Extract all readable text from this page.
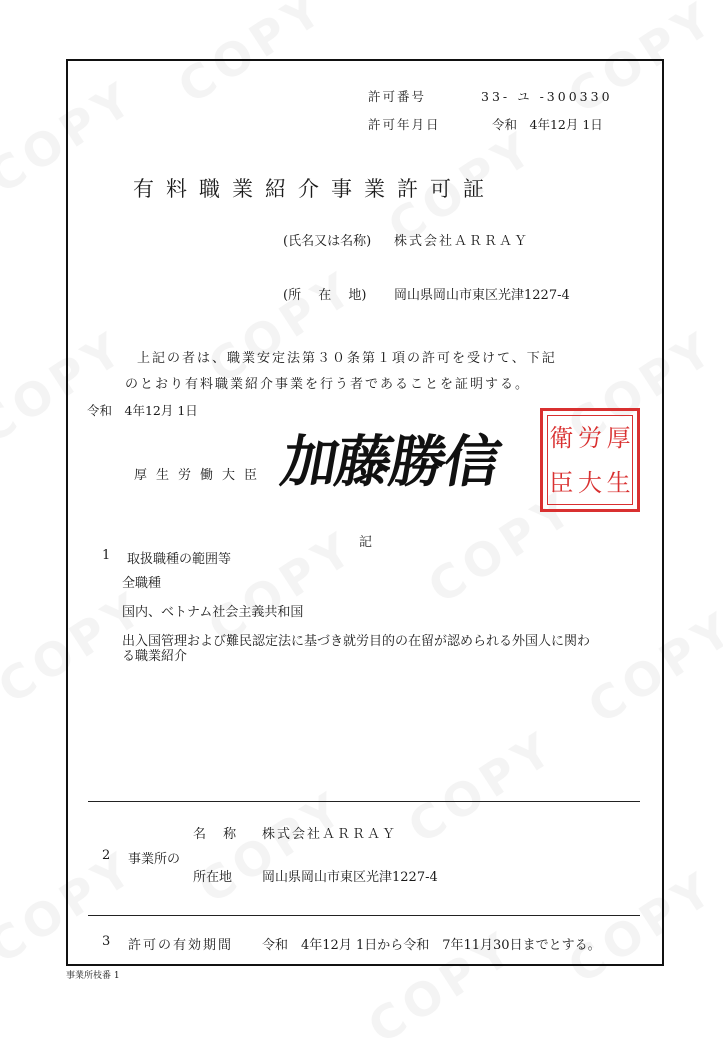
許可番号	33- ユ -300330
許可年月日	令和　4年12月 1日
有料職業紹介事業許可証
(氏名又は名称) 株式会社ＡＲＲＡＹ
(所　 在　 地) 岡山県岡山市東区光津1227-4
上記の者は、職業安定法第３０条第１項の許可を受けて、下記
のとおり有料職業紹介事業を行う者であることを証明する。
令和　4年12月 1日
厚生労働大臣 加藤勝信 衛 労 厚
臣 大 生
記
1 取扱職種の範囲等
全職種
国内、ベトナム社会主義共和国
出入国管理および難民認定法に基づき就労目的の在留が認められる外国人に関わ
る職業紹介
名　 称 株式会社ＡＲＲＡＹ
2 事業所の
所在地 岡山県岡山市東区光津1227-4
3 許可の有効期間 令和　4年12月 1日から令和　7年11月30日までとする。
事業所枝番 1
